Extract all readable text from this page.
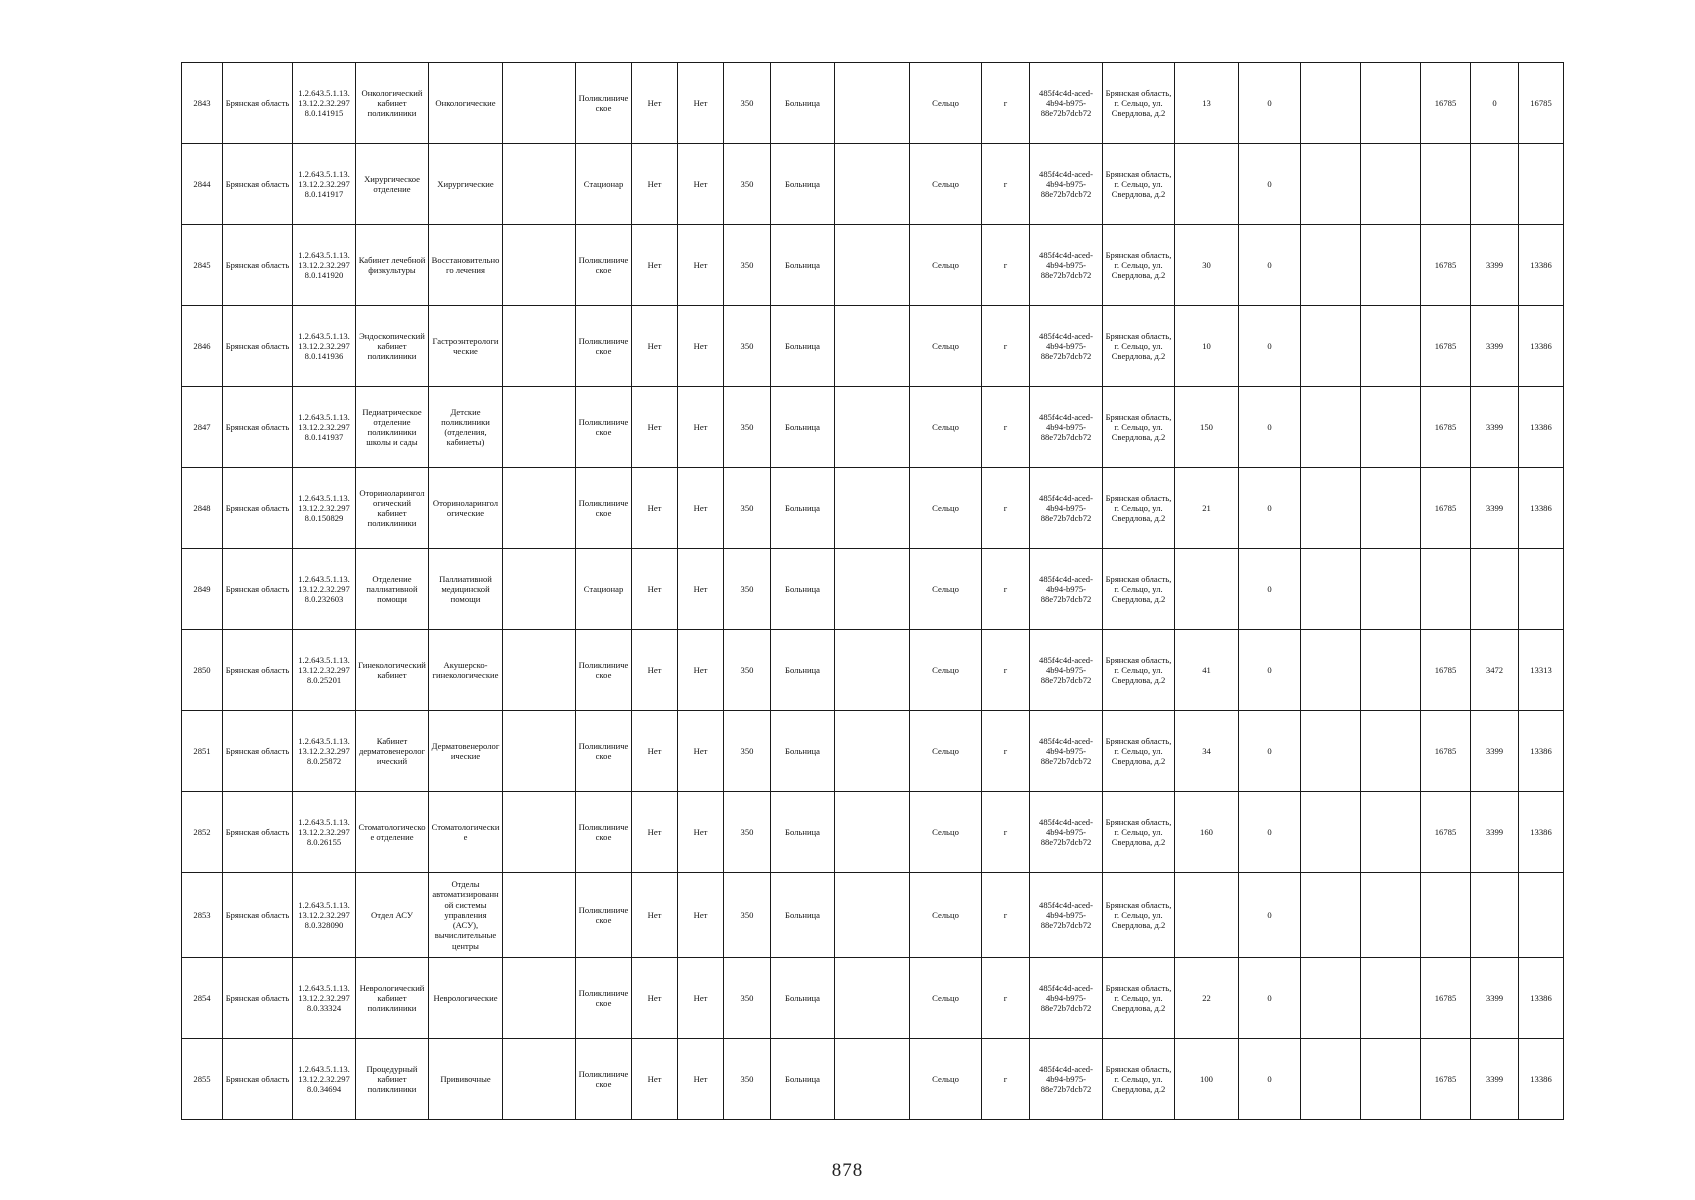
2843	Брянская область	1.2.643.5.1.13. 13.12.2.32.297 8.0.141915	Онкологический кабинет поликлиники	Онкологические		Поликлиническое	Нет	Нет	350	Больница		Сельцо	г	485f4c4d-aced-4b94-b975-88e72b7dcb72	Брянская область, г. Сельцо, ул. Свердлова, д.2	13	0			16785	0	16785
2844	Брянская область	1.2.643.5.1.13. 13.12.2.32.297 8.0.141917	Хирургическое отделение	Хирургические		Стационар	Нет	Нет	350	Больница		Сельцо	г	485f4c4d-aced-4b94-b975-88e72b7dcb72	Брянская область, г. Сельцо, ул. Свердлова, д.2		0					
2845	Брянская область	1.2.643.5.1.13. 13.12.2.32.297 8.0.141920	Кабинет лечебной физкультуры	Восстановительного лечения		Поликлиническое	Нет	Нет	350	Больница		Сельцо	г	485f4c4d-aced-4b94-b975-88e72b7dcb72	Брянская область, г. Сельцо, ул. Свердлова, д.2	30	0			16785	3399	13386
2846	Брянская область	1.2.643.5.1.13. 13.12.2.32.297 8.0.141936	Эндоскопический кабинет поликлиники	Гастроэнтерологические		Поликлиническое	Нет	Нет	350	Больница		Сельцо	г	485f4c4d-aced-4b94-b975-88e72b7dcb72	Брянская область, г. Сельцо, ул. Свердлова, д.2	10	0			16785	3399	13386
2847	Брянская область	1.2.643.5.1.13. 13.12.2.32.297 8.0.141937	Педиатрическое отделение поликлиники школы и сады	Детские поликлиники (отделения, кабинеты)		Поликлиническое	Нет	Нет	350	Больница		Сельцо	г	485f4c4d-aced-4b94-b975-88e72b7dcb72	Брянская область, г. Сельцо, ул. Свердлова, д.2	150	0			16785	3399	13386
2848	Брянская область	1.2.643.5.1.13. 13.12.2.32.297 8.0.150829	Оториноларингологический кабинет поликлиники	Оториноларингологические		Поликлиническое	Нет	Нет	350	Больница		Сельцо	г	485f4c4d-aced-4b94-b975-88e72b7dcb72	Брянская область, г. Сельцо, ул. Свердлова, д.2	21	0			16785	3399	13386
2849	Брянская область	1.2.643.5.1.13. 13.12.2.32.297 8.0.232603	Отделение паллиативной помощи	Паллиативной медицинской помощи		Стационар	Нет	Нет	350	Больница		Сельцо	г	485f4c4d-aced-4b94-b975-88e72b7dcb72	Брянская область, г. Сельцо, ул. Свердлова, д.2		0					
2850	Брянская область	1.2.643.5.1.13. 13.12.2.32.297 8.0.25201	Гинекологический кабинет	Акушерско-гинекологические		Поликлиническое	Нет	Нет	350	Больница		Сельцо	г	485f4c4d-aced-4b94-b975-88e72b7dcb72	Брянская область, г. Сельцо, ул. Свердлова, д.2	41	0			16785	3472	13313
2851	Брянская область	1.2.643.5.1.13. 13.12.2.32.297 8.0.25872	Кабинет дерматовенерологический	Дерматовенерологические		Поликлиническое	Нет	Нет	350	Больница		Сельцо	г	485f4c4d-aced-4b94-b975-88e72b7dcb72	Брянская область, г. Сельцо, ул. Свердлова, д.2	34	0			16785	3399	13386
2852	Брянская область	1.2.643.5.1.13. 13.12.2.32.297 8.0.26155	Стоматологическое отделение	Стоматологические		Поликлиническое	Нет	Нет	350	Больница		Сельцо	г	485f4c4d-aced-4b94-b975-88e72b7dcb72	Брянская область, г. Сельцо, ул. Свердлова, д.2	160	0			16785	3399	13386
2853	Брянская область	1.2.643.5.1.13. 13.12.2.32.297 8.0.328090	Отдел АСУ	Отделы автоматизированной системы управления (АСУ), вычислительные центры		Поликлиническое	Нет	Нет	350	Больница		Сельцо	г	485f4c4d-aced-4b94-b975-88e72b7dcb72	Брянская область, г. Сельцо, ул. Свердлова, д.2		0					
2854	Брянская область	1.2.643.5.1.13. 13.12.2.32.297 8.0.33324	Неврологический кабинет поликлиники	Неврологические		Поликлиническое	Нет	Нет	350	Больница		Сельцо	г	485f4c4d-aced-4b94-b975-88e72b7dcb72	Брянская область, г. Сельцо, ул. Свердлова, д.2	22	0			16785	3399	13386
2855	Брянская область	1.2.643.5.1.13. 13.12.2.32.297 8.0.34694	Процедурный кабинет поликлиники	Прививочные		Поликлиническое	Нет	Нет	350	Больница		Сельцо	г	485f4c4d-aced-4b94-b975-88e72b7dcb72	Брянская область, г. Сельцо, ул. Свердлова, д.2	100	0			16785	3399	13386
878
